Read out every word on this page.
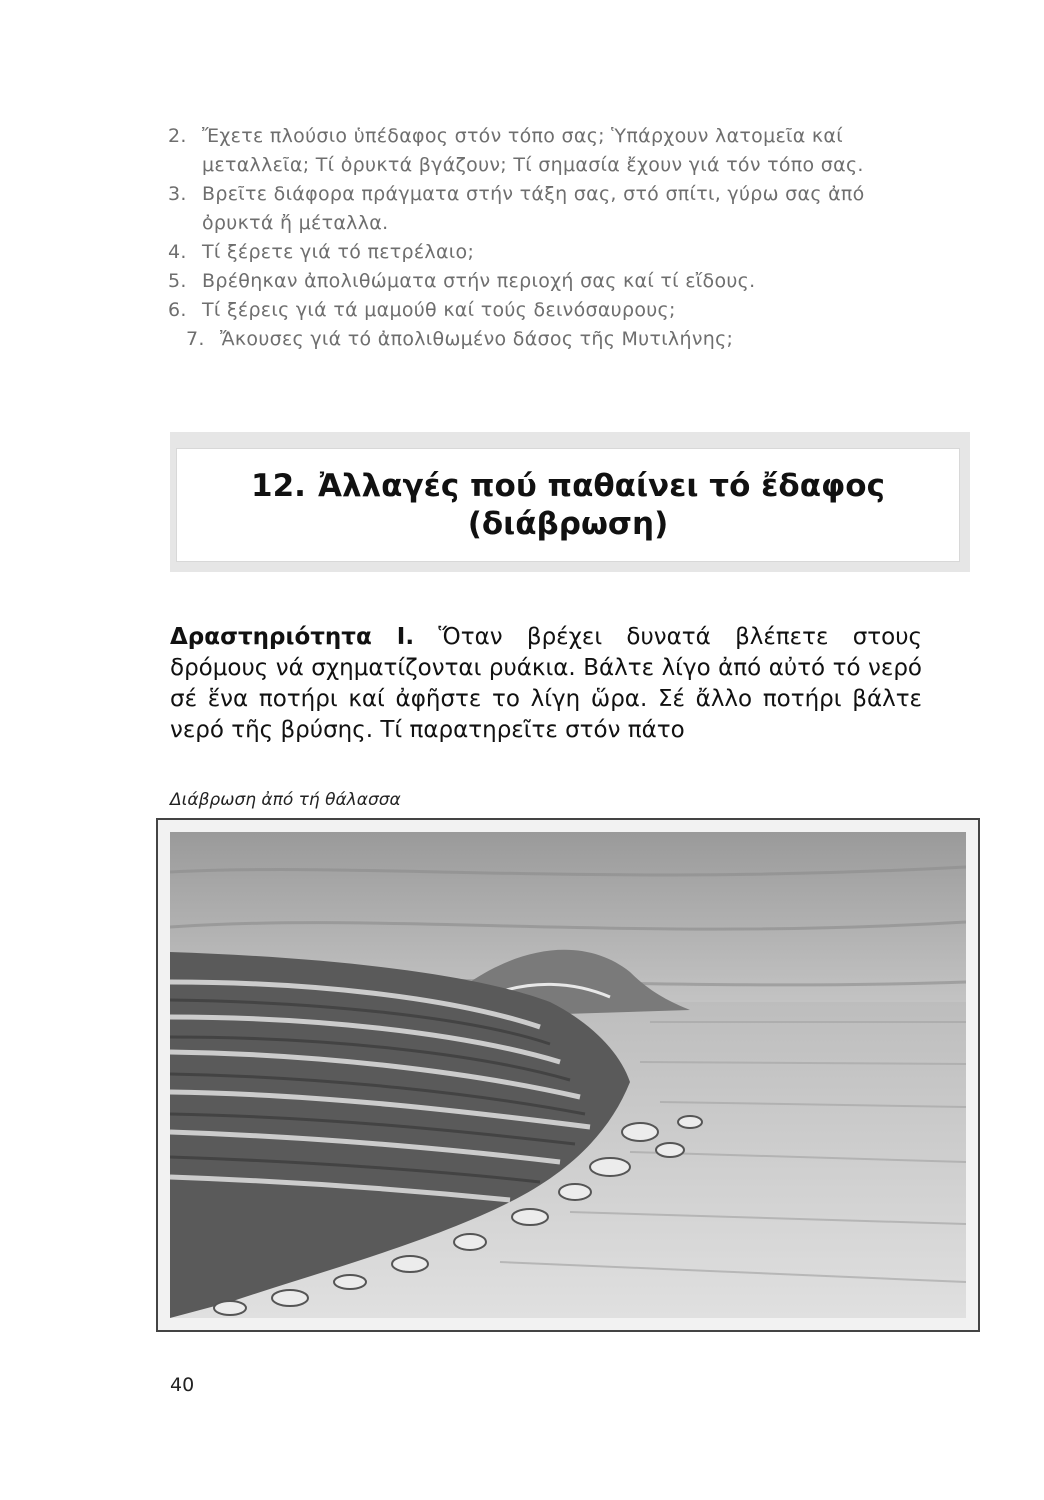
2. Ἔχετε πλούσιο ὑπέδαφος στόν τόπο σας; Ὑπάρχουν λατομεῖα καί μεταλλεῖα; Τί ὀρυκτά βγάζουν; Τί σημασία ἔχουν γιά τόν τόπο σας.
3. Βρεῖτε διάφορα πράγματα στήν τάξη σας, στό σπίτι, γύρω σας ἀπό ὀρυκτά ἤ μέταλλα.
4. Τί ξέρετε γιά τό πετρέλαιο;
5. Βρέθηκαν ἀπολιθώματα στήν περιοχή σας καί τί εἴδους.
6. Τί ξέρεις γιά τά μαμούθ καί τούς δεινόσαυρους;
7. Ἄκουσες γιά τό ἀπολιθωμένο δάσος τῆς Μυτιλήνης;
12. Ἀλλαγές πού παθαίνει τό ἔδαφος
(διάβρωση)
Δραστηριότητα Ι. Ὅταν βρέχει δυνατά βλέπετε στους δρόμους νά σχηματίζονται ρυάκια. Βάλτε λίγο ἀπό αὐτό τό νερό σέ ἕνα ποτήρι καί ἀφῆστε το λίγη ὥρα. Σέ ἄλλο ποτήρι βάλτε νερό τῆς βρύσης. Τί παρατηρεῖτε στόν πάτο
Διάβρωση ἀπό τή θάλασσα
40
